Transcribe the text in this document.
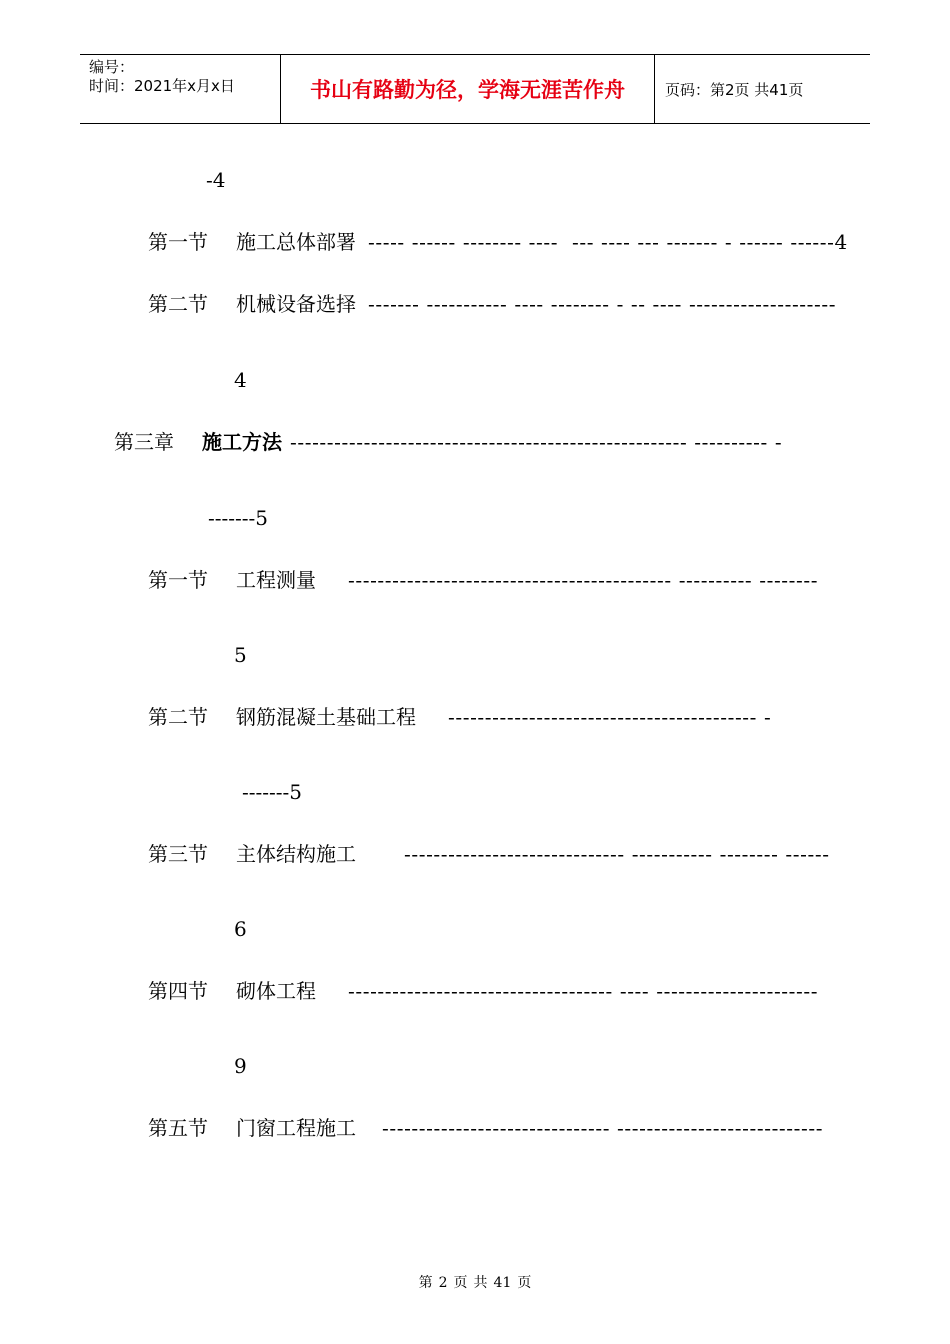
编号：
时间：2021年x月x日	书山有路勤为径，学海无涯苦作舟	页码：第2页 共41页
-4
第一节 施工总体部署 ----- ------ -------- ----  --- ---- --- ------- - ------ ------4
第二节 机械设备选择 ------- ----------- ---- -------- - -- ---- --------------------
4
第三章 施工方法 ------------------------------------------------------ ---------- -
-------5
第一节 工程测量 -------------------------------------------- ---------- --------
5
第二节 钢筋混凝土基础工程 ------------------------------------------ -
-------5
第三节 主体结构施工 ------------------------------ ----------- -------- ------
6
第四节 砌体工程 ------------------------------------ ---- ----------------------
9
第五节 门窗工程施工 ------------------------------- ----------------------------
第 2 页 共 41 页
